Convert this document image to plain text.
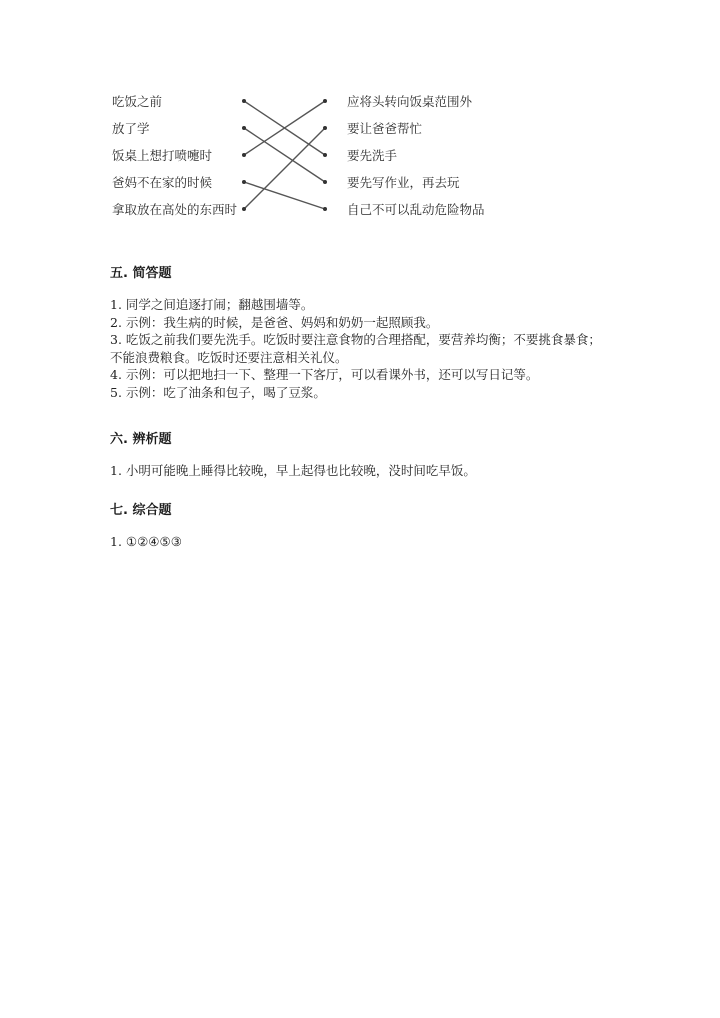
吃饭之前
放了学
饭桌上想打喷嚏时
爸妈不在家的时候
拿取放在高处的东西时
应将头转向饭桌范围外
要让爸爸帮忙
要先洗手
要先写作业，再去玩
自己不可以乱动危险物品
五. 简答题

1. 同学之间追逐打闹；翻越围墙等。

2. 示例：我生病的时候，是爸爸、妈妈和奶奶一起照顾我。

3. 吃饭之前我们要先洗手。吃饭时要注意食物的合理搭配，要营养均衡；不要挑食暴食；不能浪费粮食。吃饭时还要注意相关礼仪。

4. 示例：可以把地扫一下、整理一下客厅，可以看课外书，还可以写日记等。

5. 示例：吃了油条和包子，喝了豆浆。

六. 辨析题

1. 小明可能晚上睡得比较晚，早上起得也比较晚，没时间吃早饭。

七. 综合题

1. ①②④⑤③
